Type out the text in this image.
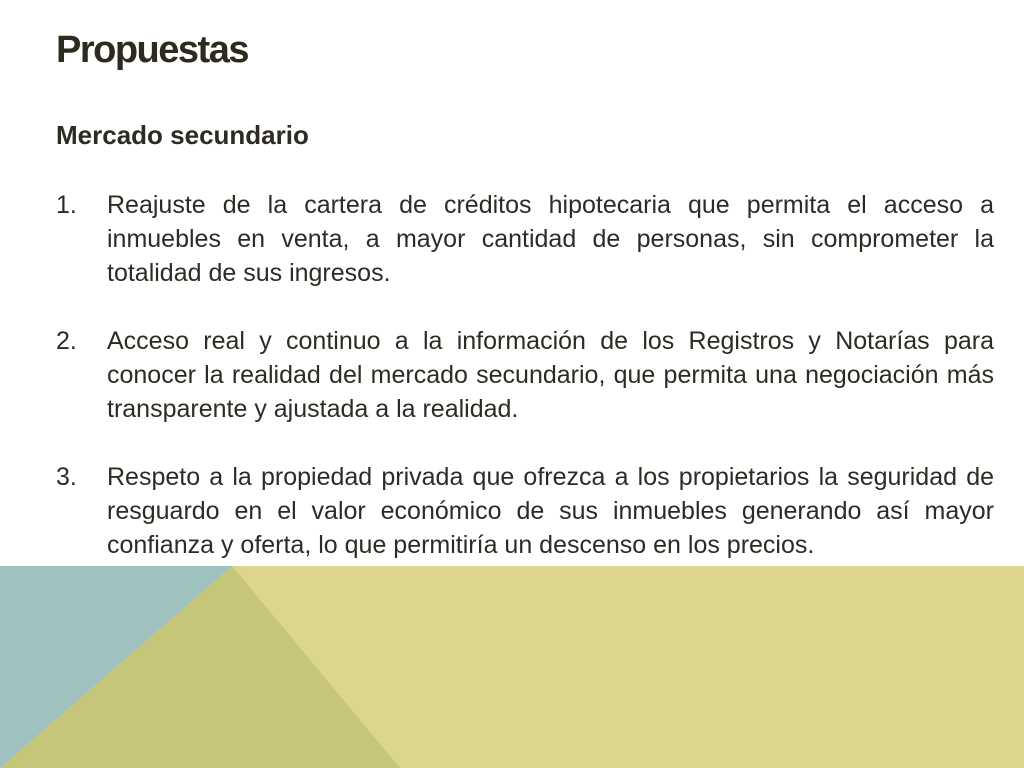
Propuestas
Mercado secundario
1. Reajuste de la cartera de créditos hipotecaria que permita el acceso a inmuebles en venta, a mayor cantidad de personas, sin comprometer la totalidad de sus ingresos.
2. Acceso real y continuo a la información de los Registros y Notarías para conocer la realidad del mercado secundario, que permita una negociación más transparente y ajustada a la realidad.
3. Respeto a la propiedad privada que ofrezca a los propietarios la seguridad de resguardo en el valor económico de sus inmuebles generando así mayor confianza y oferta, lo que permitiría un descenso en los precios.
